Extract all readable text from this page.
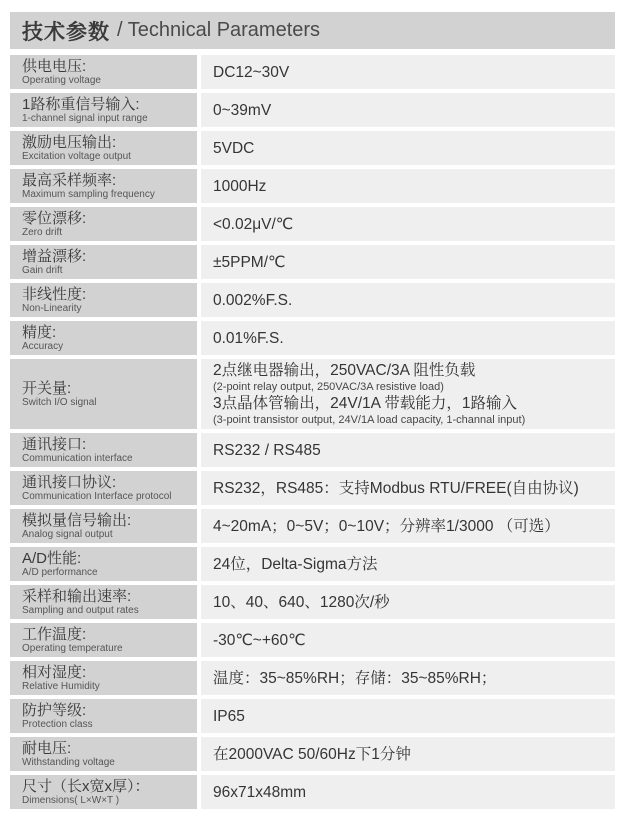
技术参数 / Technical Parameters
供电电压:
Operating voltage	DC12~30V
1路称重信号输入:
1-channel signal input range	0~39mV
激励电压输出:
Excitation voltage output	5VDC
最高采样频率:
Maximum sampling frequency	1000Hz
零位漂移:
Zero drift	<0.02μV/℃
增益漂移:
Gain drift	±5PPM/℃
非线性度:
Non-Linearity	0.002%F.S.
精度:
Accuracy	0.01%F.S.
开关量:
Switch I/O signal
2点继电器输出，250VAC/3A 阻性负载
(2-point relay output, 250VAC/3A resistive load)
3点晶体管输出，24V/1A 带载能力，1路输入
(3-point transistor output, 24V/1A load capacity, 1-channal input)
通讯接口:
Communication interface	RS232 / RS485
通讯接口协议:
Communication Interface protocol	RS232，RS485：支持Modbus RTU/FREE(自由协议)
模拟量信号输出:
Analog signal output	4~20mA；0~5V；0~10V；分辨率1/3000 （可选）
A/D性能:
A/D performance	24位，Delta-Sigma方法
采样和输出速率:
Sampling and output rates	10、40、640、1280次/秒
工作温度:
Operating temperature	-30℃~+60℃
相对湿度:
Relative Humidity	温度：35~85%RH；存储：35~85%RH；
防护等级:
Protection class	IP65
耐电压:
Withstanding voltage	在2000VAC 50/60Hz下1分钟
尺寸（长x宽x厚）：
Dimensions( L×W×T )	96x71x48mm
